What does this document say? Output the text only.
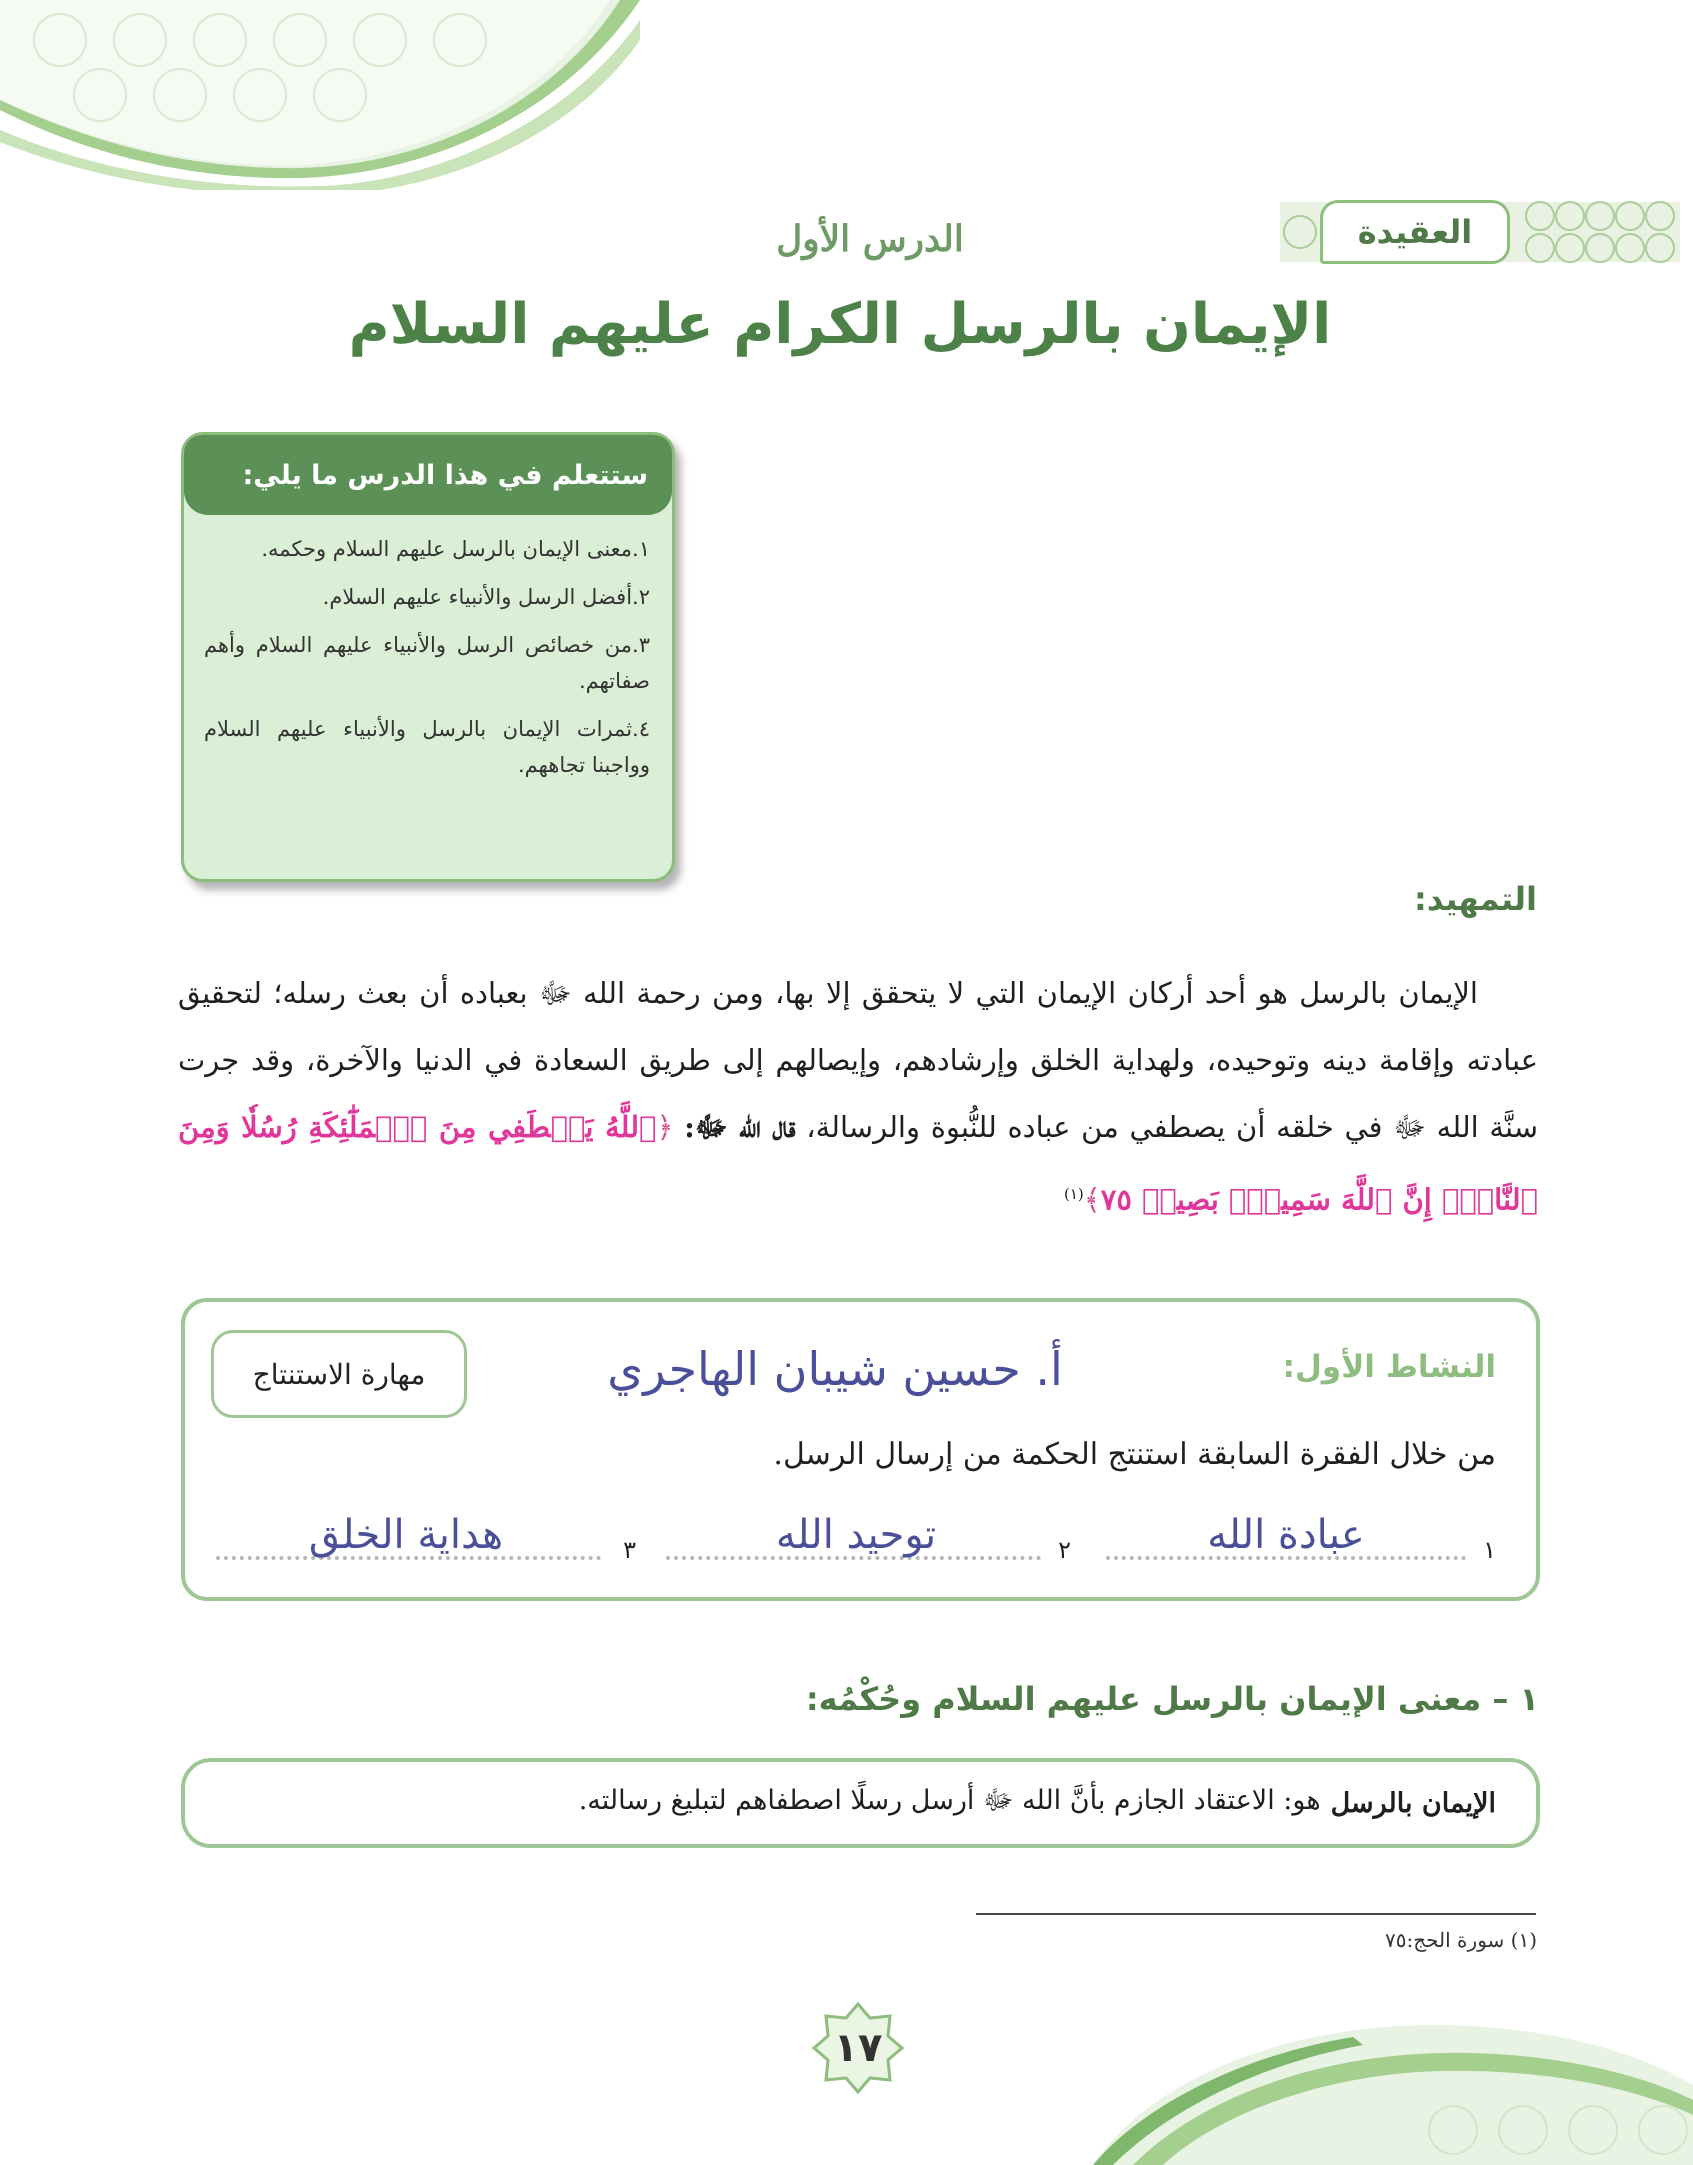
العقيدة
الدرس الأول
الإيمان بالرسل الكرام عليهم السلام
ستتعلم في هذا الدرس ما يلي:
١.معنى الإيمان بالرسل عليهم السلام وحكمه.
٢.أفضل الرسل والأنبياء عليهم السلام.
٣.من خصائص الرسل والأنبياء عليهم السلام وأهم صفاتهم.
٤.ثمرات الإيمان بالرسل والأنبياء عليهم السلام وواجبنا تجاههم.
التمهيد:
الإيمان بالرسل هو أحد أركان الإيمان التي لا يتحقق إلا بها، ومن رحمة الله ﷻ بعباده أن بعث رسله؛ لتحقيق عبادته وإقامة دينه وتوحيده، ولهداية الخلق وإرشادهم، وإيصالهم إلى طريق السعادة في الدنيا والآخرة، وقد جرت سنَّة الله ﷻ في خلقه أن يصطفي من عباده للنُّبوة والرسالة، قال الله ﷻ: ﴿ٱللَّهُ يَصۡطَفِي مِنَ ٱلۡمَلَٰٓئِكَةِ رُسُلٗا وَمِنَ ٱلنَّاسِۚ إِنَّ ٱللَّهَ سَمِيعُۢ بَصِيرٞ ٧٥﴾$^{(١)}$
النشاط الأول:
أ. حسين شيبان الهاجري
مهارة الاستنتاج
من خلال الفقرة السابقة استنتج الحكمة من إرسال الرسل.
١
عبادة الله
٢
توحيد الله
٣
هداية الخلق
١ – معنى الإيمان بالرسل عليهم السلام وحُكْمُه:
الإيمان بالرسل
هو: الاعتقاد الجازم بأنَّ الله ﷻ أرسل رسلًا اصطفاهم لتبليغ رسالته.
(١) سورة الحج:٧٥
١٧
